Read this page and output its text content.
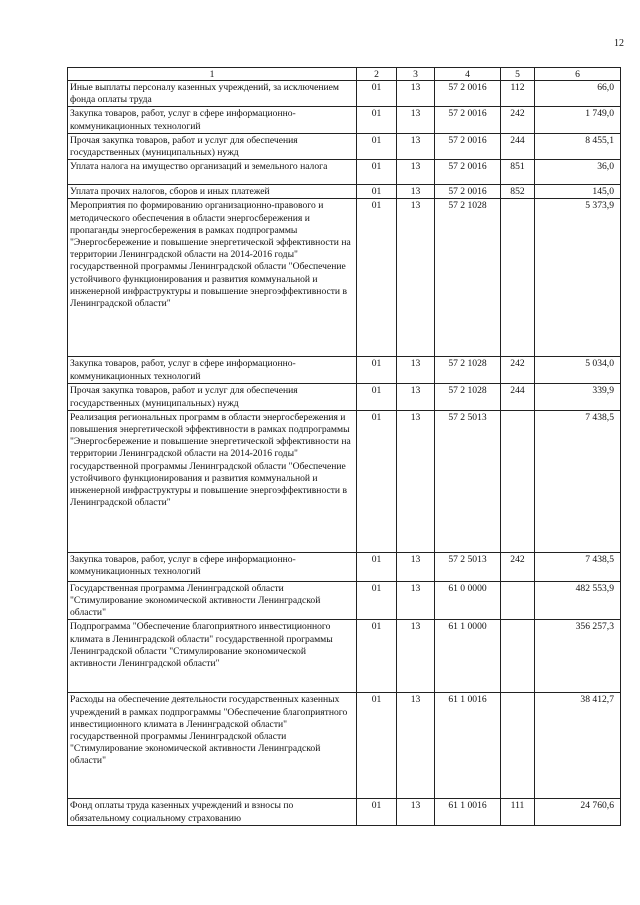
12
1	2	3	4	5	6
Иные выплаты персоналу казенных учреждений, за исключением фонда оплаты труда	01	13	57 2 0016	112	66,0
Закупка товаров, работ, услуг в сфере информационно-коммуникационных технологий	01	13	57 2 0016	242	1 749,0
Прочая закупка товаров, работ и услуг для обеспечения государственных (муниципальных) нужд	01	13	57 2 0016	244	8 455,1
Уплата налога на имущество организаций и земельного налога	01	13	57 2 0016	851	36,0
Уплата прочих налогов, сборов и иных платежей	01	13	57 2 0016	852	145,0
Мероприятия по формированию организационно-правового и методического обеспечения в области энергосбережения и пропаганды энергосбережения в рамках подпрограммы "Энергосбережение и повышение энергетической эффективности на территории Ленинградской области на 2014-2016 годы" государственной программы Ленинградской области "Обеспечение устойчивого функционирования и развития коммунальной и инженерной инфраструктуры и повышение энергоэффективности в Ленинградской области"	01	13	57 2 1028		5 373,9
Закупка товаров, работ, услуг в сфере информационно-коммуникационных технологий	01	13	57 2 1028	242	5 034,0
Прочая закупка товаров, работ и услуг для обеспечения государственных (муниципальных) нужд	01	13	57 2 1028	244	339,9
Реализация региональных программ в области энергосбережения и повышения энергетической эффективности в рамках подпрограммы "Энергосбережение и повышение энергетической эффективности на территории Ленинградской области на 2014-2016 годы" государственной программы Ленинградской области "Обеспечение устойчивого функционирования и развития коммунальной и инженерной инфраструктуры и повышение энергоэффективности в Ленинградской области"	01	13	57 2 5013		7 438,5
Закупка товаров, работ, услуг в сфере информационно-коммуникационных технологий	01	13	57 2 5013	242	7 438,5
Государственная программа Ленинградской области "Стимулирование экономической активности Ленинградской области"	01	13	61 0 0000		482 553,9
Подпрограмма "Обеспечение благоприятного инвестиционного климата в Ленинградской области" государственной программы Ленинградской области "Стимулирование экономической активности Ленинградской области"	01	13	61 1 0000		356 257,3
Расходы на обеспечение деятельности государственных казенных учреждений в рамках подпрограммы "Обеспечение благоприятного инвестиционного климата в Ленинградской области" государственной программы Ленинградской области "Стимулирование экономической активности Ленинградской области"	01	13	61 1 0016		38 412,7
Фонд оплаты труда казенных учреждений и взносы по обязательному социальному страхованию	01	13	61 1 0016	111	24 760,6
